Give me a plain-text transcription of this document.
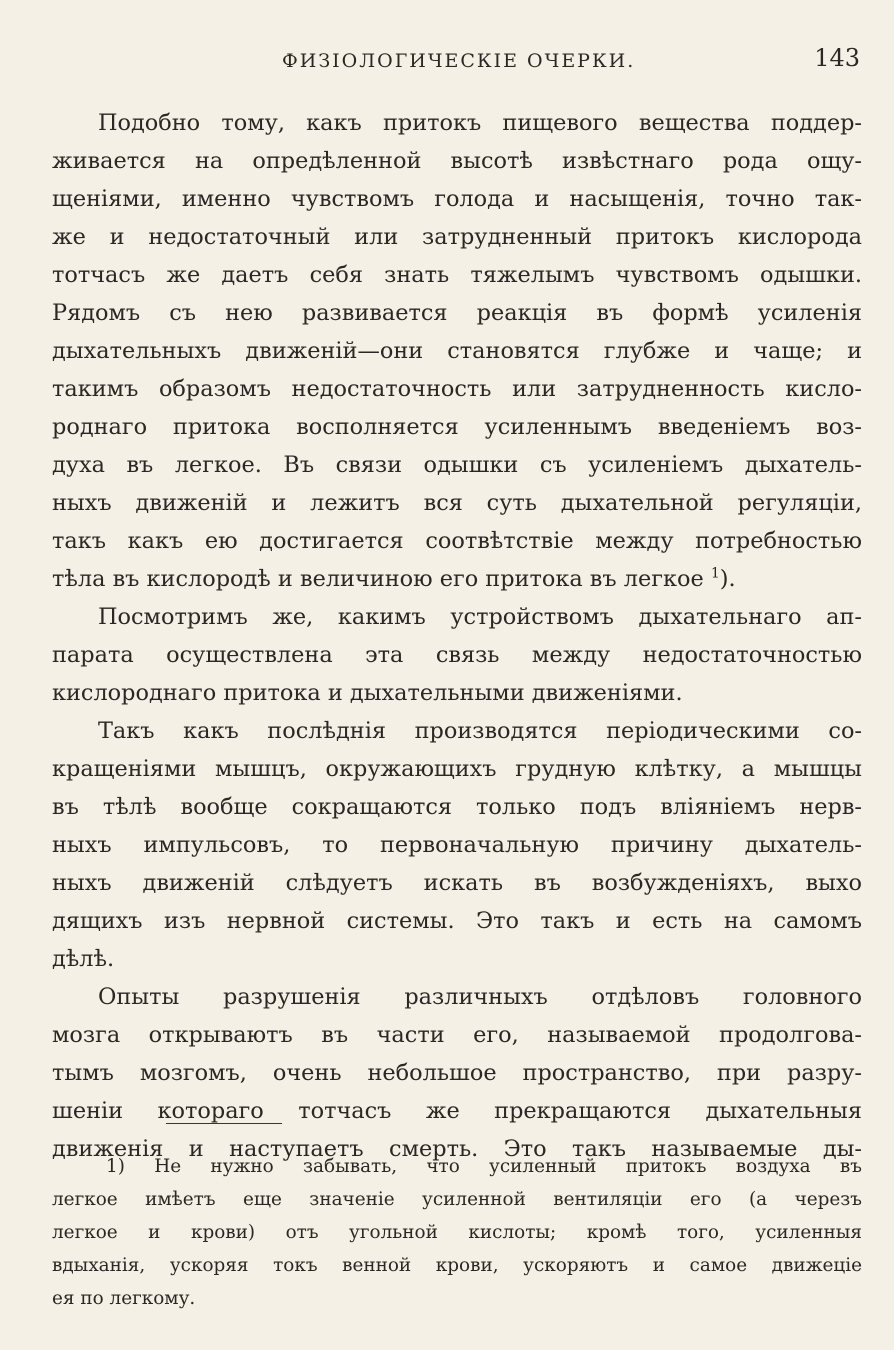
ФИЗІОЛОГИЧЕСКІЕ ОЧЕРКИ.	143
Подобно тому, какъ притокъ пищевого вещества поддер-
живается на опредѣленной высотѣ извѣстнаго рода ощу-
щеніями, именно чувствомъ голода и насыщенія, точно так-
же и недостаточный или затрудненный притокъ кислорода
тотчасъ же даетъ себя знать тяжелымъ чувствомъ одышки.
Рядомъ съ нею развивается реакція въ формѣ усиленія
дыхательныхъ движеній—они становятся глубже и чаще; и
такимъ образомъ недостаточность или затрудненность кисло-
роднаго притока восполняется усиленнымъ введеніемъ воз-
духа въ легкое. Въ связи одышки съ усиленіемъ дыхатель-
ныхъ движеній и лежитъ вся суть дыхательной регуляціи,
такъ какъ ею достигается соотвѣтствіе между потребностью
тѣла въ кислородѣ и величиною его притока въ легкое $^1$).
Посмотримъ же, какимъ устройствомъ дыхательнаго ап-
парата осуществлена эта связь между недостаточностью
кислороднаго притока и дыхательными движеніями.
Такъ какъ послѣднія производятся періодическими со-
кращеніями мышцъ, окружающихъ грудную клѣтку, а мышцы
въ тѣлѣ вообще сокращаются только подъ вліяніемъ нерв-
ныхъ импульсовъ, то первоначальную причину дыхатель-
ныхъ движеній слѣдуетъ искать въ возбужденіяхъ, выхо
дящихъ изъ нервной системы. Это такъ и есть на самомъ
дѣлѣ.
Опыты разрушенія различныхъ отдѣловъ головного
мозга открываютъ въ части его, называемой продолгова-
тымъ мозгомъ, очень небольшое пространство, при разру-
шеніи котораго тотчасъ же прекращаются дыхательныя
движенія и наступаетъ смерть. Это такъ называемые ды-
1) Не нужно забывать, что усиленный притокъ воздуха въ
легкое имѣетъ еще значеніе усиленной вентиляціи его (а черезъ
легкое и крови) отъ угольной кислоты; кромѣ того, усиленныя
вдыханія, ускоряя токъ венной крови, ускоряютъ и самое движеціе
ея по легкому.
